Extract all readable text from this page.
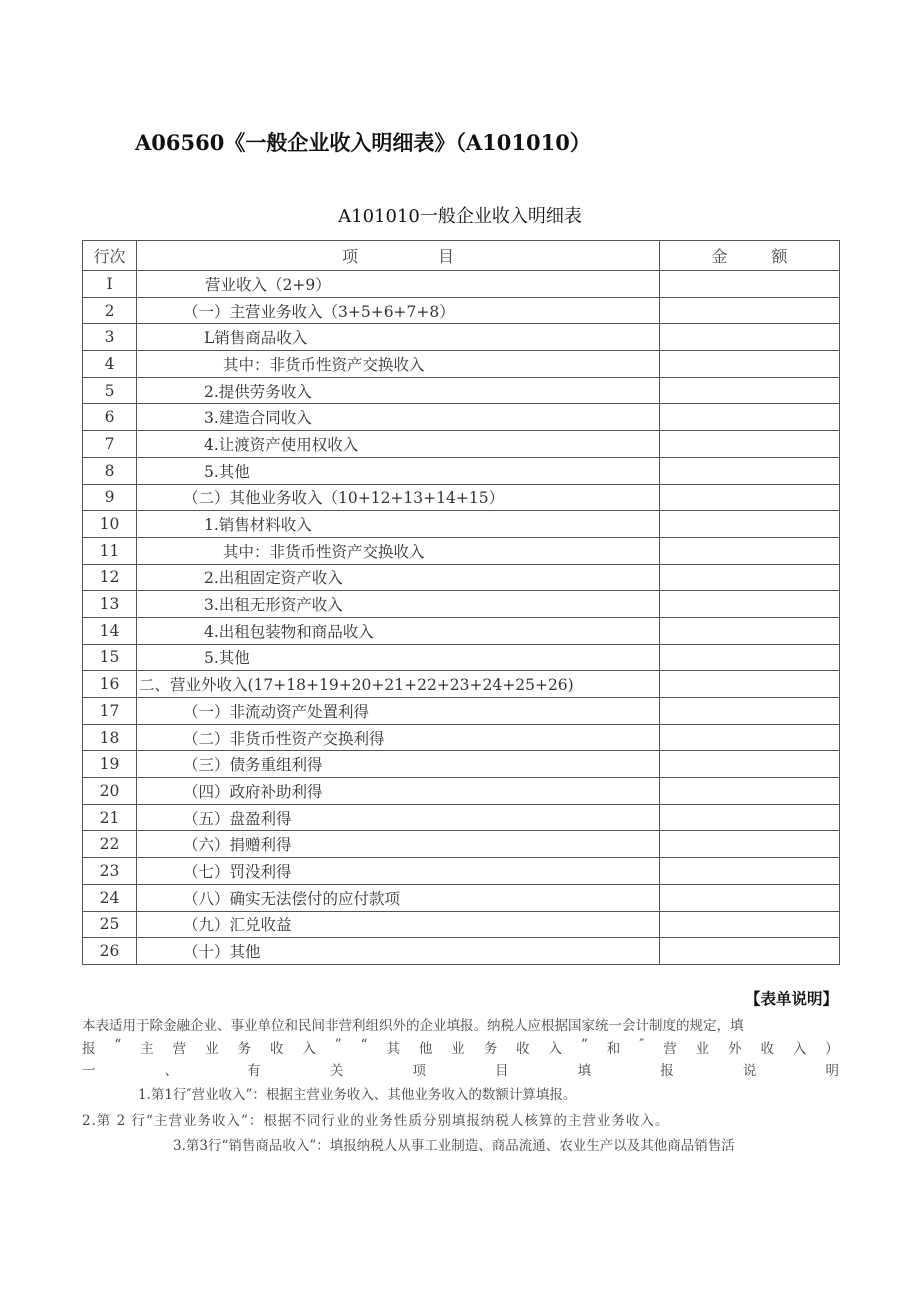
A06560《一般企业收入明细表》（A101010）
A101010一般企业收入明细表
行次	项 目	金 额

I	营业收入（2+9）	
2	（一）主营业务收入（3+5+6+7+8）	
3	L销售商品收入	
4	其中：非货币性资产交换收入	
5	2.提供劳务收入	
6	3.建造合同收入	
7	4.让渡资产使用权收入	
8	5.其他	
9	（二）其他业务收入（10+12+13+14+15）	
10	1.销售材料收入	
11	其中：非货币性资产交换收入	
12	2.出租固定资产收入	
13	3.出租无形资产收入	
14	4.出租包装物和商品收入	
15	5.其他	
16	二、营业外收入(17+18+19+20+21+22+23+24+25+26)	
17	（一）非流动资产处置利得	
18	（二）非货币性资产交换利得	
19	（三）债务重组利得	
20	（四）政府补助利得	
21	（五）盘盈利得	
22	（六）捐赠利得	
23	（七）罚没利得	
24	（八）确实无法偿付的应付款项	
25	（九）汇兑收益	
26	（十）其他	
【表单说明】
本表适用于除金融企业、事业单位和民间非营利组织外的企业填报。纳税人应根据国家统一会计制度的规定，填
报 “ 主 营 业 务 收 入 ” “ 其 他 业 务 收 入 ” 和 ″ 营 业 外 收 入 ）
一	、	有	关	项	目	填	报	说	明
1.第1行″营业收入”：根据主营业务收入、其他业务收入的数额计算填报。
2.第 2 行“主营业务收入”：根据不同行业的业务性质分别填报纳税人核算的主营业务收入。
3.第3行“销售商品收入”：填报纳税人从事工业制造、商品流通、农业生产以及其他商品销售活
